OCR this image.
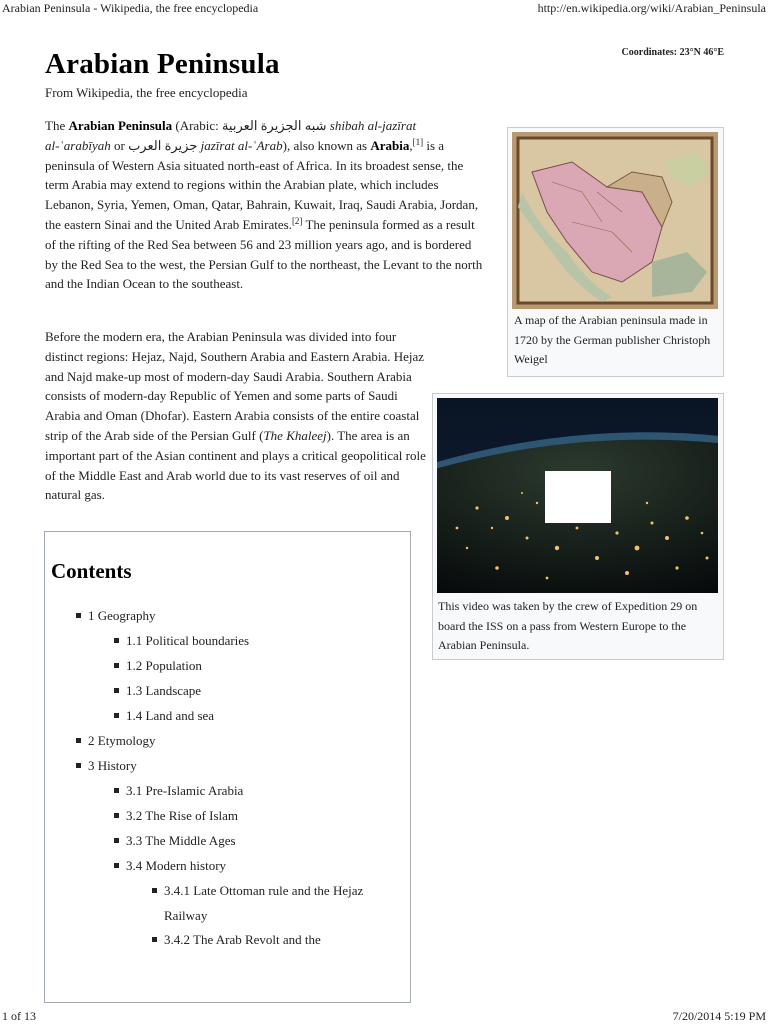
Arabian Peninsula - Wikipedia, the free encyclopedia	http://en.wikipedia.org/wiki/Arabian_Peninsula
Coordinates: 23°N 46°E
Arabian Peninsula
From Wikipedia, the free encyclopedia

The Arabian Peninsula (Arabic: شبه الجزيرة العربية shibah al-jazīrat
al-ʿarabīyah or جزيرة العرب jazīrat al-ʿArab), also known as Arabia,[1] is a peninsula of Western Asia situated north-east of Africa. In its broadest sense, the term Arabia may extend to regions within the Arabian plate, which includes Lebanon, Syria, Yemen, Oman, Qatar, Bahrain, Kuwait, Iraq, Saudi Arabia, Jordan, the eastern Sinai and the United Arab Emirates.[2] The peninsula formed as a result of the rifting of the Red Sea between 56 and 23 million years ago, and is bordered by the Red Sea to the west, the Persian Gulf to the northeast, the Levant to the north and the Indian Ocean to the southeast.

Before the modern era, the Arabian Peninsula was divided into four distinct regions: Hejaz, Najd, Southern Arabia and Eastern Arabia. Hejaz and Najd make-up most of modern-day Saudi Arabia. Southern Arabia consists of modern-day Republic of Yemen and some parts of Saudi Arabia and Oman (Dhofar). Eastern Arabia consists of the entire coastal strip of the Arab side of the Persian Gulf (The Khaleej). The area is an important part of the Asian continent and plays a critical geopolitical role of the Middle East and Arab world due to its vast reserves of oil and natural gas.

A map of the Arabian peninsula made in 1720 by the German publisher Christoph Weigel

This video was taken by the crew of Expedition 29 on board the ISS on a pass from Western Europe to the Arabian Peninsula.

Contents
1 Geography
1.1 Political boundaries
1.2 Population
1.3 Landscape
1.4 Land and sea
2 Etymology
3 History
3.1 Pre-Islamic Arabia
3.2 The Rise of Islam
3.3 The Middle Ages
3.4 Modern history
3.4.1 Late Ottoman rule and the Hejaz Railway
3.4.2 The Arab Revolt and the
1 of 13	7/20/2014 5:19 PM
